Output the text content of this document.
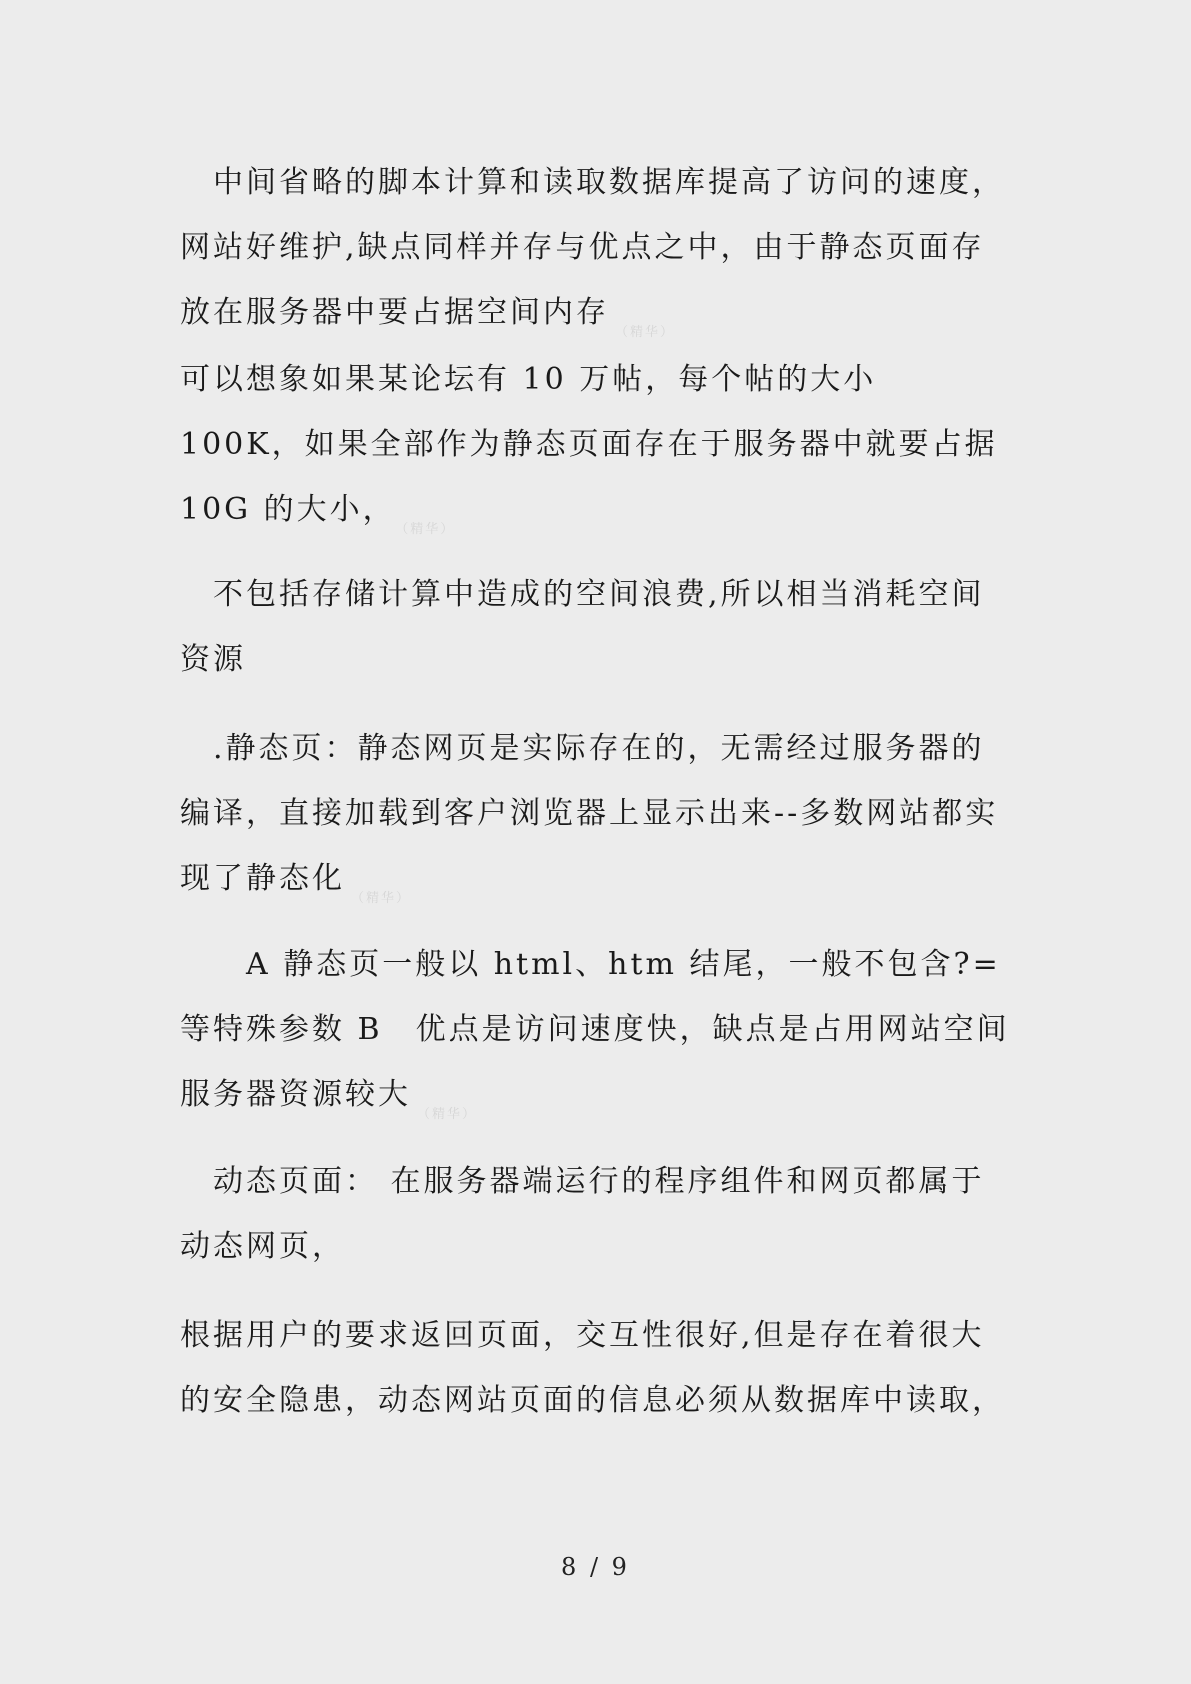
　中间省略的脚本计算和读取数据库提高了访问的速度，网站好维护,缺点同样并存与优点之中，由于静态页面存放在服务器中要占据空间内存$_{(精华)}$

可以想象如果某论坛有 10 万帖，每个帖的大小 100K，如果全部作为静态页面存在于服务器中就要占据 10G 的大小，$_{(精华)}$

　不包括存储计算中造成的空间浪费,所以相当消耗空间资源

　.静态页：静态网页是实际存在的，无需经过服务器的编译，直接加载到客户浏览器上显示出来--多数网站都实现了静态化$_{(精华)}$

　　A 静态页一般以 html、htm 结尾，一般不包含?=等特殊参数 B　优点是访问速度快，缺点是占用网站空间服务器资源较大$_{(精华)}$

　动态页面： 在服务器端运行的程序组件和网页都属于动态网页，

根据用户的要求返回页面，交互性很好,但是存在着很大的安全隐患，动态网站页面的信息必须从数据库中读取，

8 / 9
